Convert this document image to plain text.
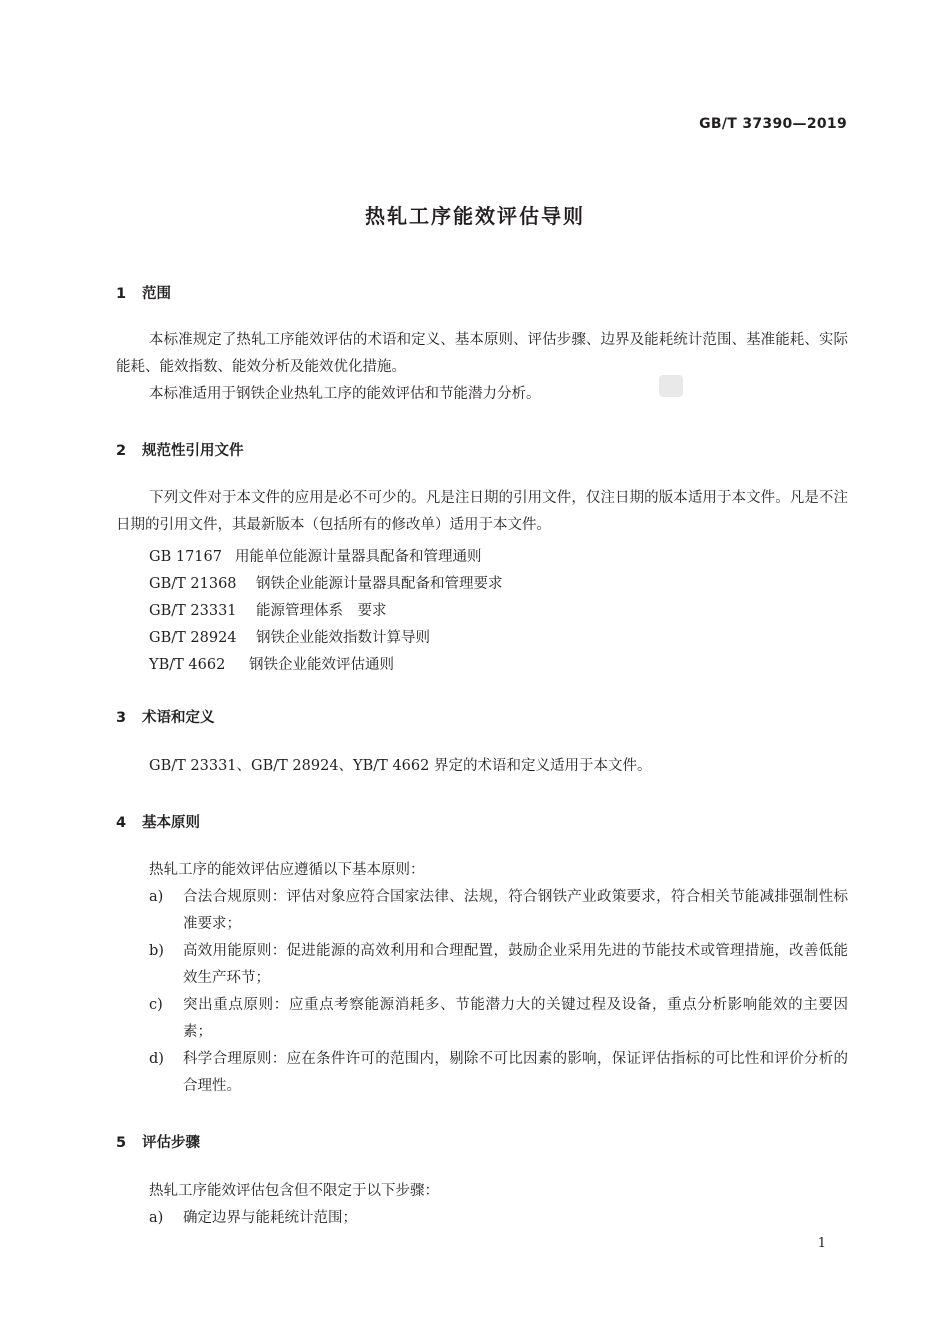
GB/T 37390—2019
热轧工序能效评估导则
1 范围

本标准规定了热轧工序能效评估的术语和定义、基本原则、评估步骤、边界及能耗统计范围、基准能耗、实际能耗、能效指数、能效分析及能效优化措施。

本标准适用于钢铁企业热轧工序的能效评估和节能潜力分析。

2 规范性引用文件

下列文件对于本文件的应用是必不可少的。凡是注日期的引用文件，仅注日期的版本适用于本文件。凡是不注日期的引用文件，其最新版本（包括所有的修改单）适用于本文件。

GB 17167 用能单位能源计量器具配备和管理通则
GB/T 21368 钢铁企业能源计量器具配备和管理要求
GB/T 23331 能源管理体系　要求
GB/T 28924 钢铁企业能效指数计算导则
YB/T 4662 钢铁企业能效评估通则
3 术语和定义

GB/T 23331、GB/T 28924、YB/T 4662 界定的术语和定义适用于本文件。

4 基本原则

热轧工序的能效评估应遵循以下基本原则：

a) 合法合规原则：评估对象应符合国家法律、法规，符合钢铁产业政策要求，符合相关节能减排强制性标准要求；
b) 高效用能原则：促进能源的高效利用和合理配置，鼓励企业采用先进的节能技术或管理措施，改善低能效生产环节；
c) 突出重点原则：应重点考察能源消耗多、节能潜力大的关键过程及设备，重点分析影响能效的主要因素；
d) 科学合理原则：应在条件许可的范围内，剔除不可比因素的影响，保证评估指标的可比性和评价分析的合理性。
5 评估步骤

热轧工序能效评估包含但不限定于以下步骤：

a) 确定边界与能耗统计范围；
1
